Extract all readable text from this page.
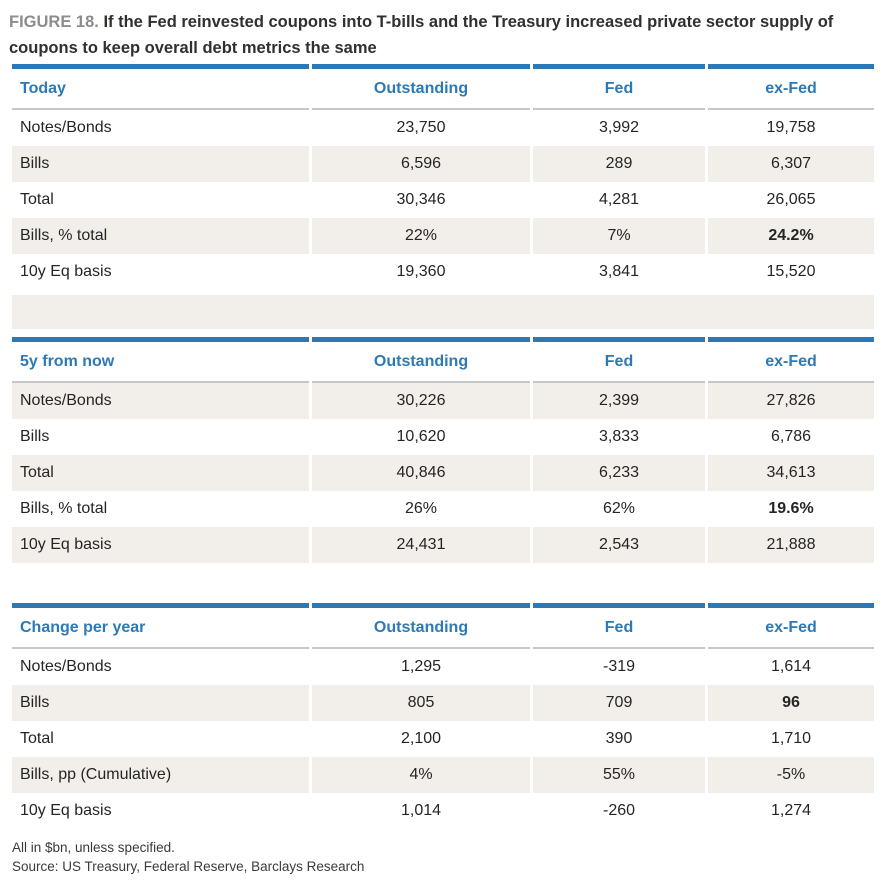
FIGURE 18. If the Fed reinvested coupons into T-bills and the Treasury increased private sector supply of coupons to keep overall debt metrics the same

Today	Outstanding	Fed	ex-Fed
Notes/Bonds	23,750	3,992	19,758
Bills	6,596	289	6,307
Total	30,346	4,281	26,065
Bills, % total	22%	7%	24.2%
10y Eq basis	19,360	3,841	15,520
5y from now	Outstanding	Fed	ex-Fed
Notes/Bonds	30,226	2,399	27,826
Bills	10,620	3,833	6,786
Total	40,846	6,233	34,613
Bills, % total	26%	62%	19.6%
10y Eq basis	24,431	2,543	21,888
Change per year	Outstanding	Fed	ex-Fed
Notes/Bonds	1,295	-319	1,614
Bills	805	709	96
Total	2,100	390	1,710
Bills, pp (Cumulative)	4%	55%	-5%
10y Eq basis	1,014	-260	1,274
All in $bn, unless specified.
Source: US Treasury, Federal Reserve, Barclays Research
